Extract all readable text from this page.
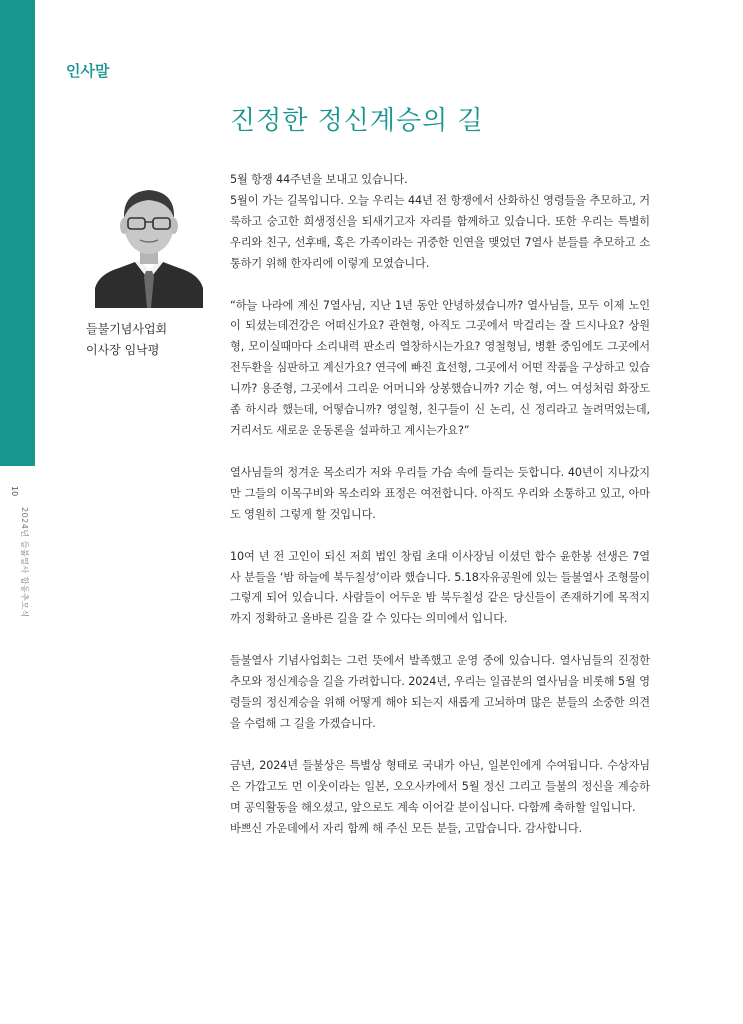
10
2024년 들불열사 합동추모식
인사말
진정한 정신계승의 길
들불기념사업회
이사장 임낙평

5월 항쟁 44주년을 보내고 있습니다.
5월이 가는 길목입니다. 오늘 우리는 44년 전 항쟁에서 산화하신 영령들을 추모하고, 거룩하고 숭고한 희생정신을 되새기고자 자리를 함께하고 있습니다. 또한 우리는 특별히 우리와 친구, 선후배, 혹은 가족이라는 귀중한 인연을 맺었던 7열사 분들를 추모하고 소통하기 위해 한자리에 이렇게 모였습니다.

“하늘 나라에 계신 7열사님, 지난 1년 동안 안녕하셨습니까? 열사님들, 모두 이제 노인이 되셨는데건강은 어떠신가요? 관현형, 아직도 그곳에서 막걸리는 잘 드시나요? 상원형, 모이실때마다 소리내력 판소리 열창하시는가요? 영철형님, 병환 중임에도 그곳에서 전두환을 심판하고 계신가요? 연극에 빠진 효선형, 그곳에서 어떤 작품을 구상하고 있습니까? 용준형, 그곳에서 그리운 어머니와 상봉했습니까? 기순 형, 여느 여성처럼 화장도 좀 하시라 했는데, 어떻습니까? 영일형, 친구들이 신 논리, 신 정리라고 놀려먹었는데, 거리서도 새로운 운동론을 설파하고 계시는가요?”

열사님들의 정겨운 목소리가 저와 우리들 가슴 속에 들리는 듯합니다. 40년이 지나갔지만 그들의 이목구비와 목소리와 표정은 여전합니다. 아직도 우리와 소통하고 있고, 아마도 영원히 그렇게 할 것입니다.

10여 년 전 고인이 되신 저희 법인 창립 초대 이사장님 이셨던 합수 윤한봉 선생은 7열사 분들을 ‘밤 하늘에 북두칠성’이라 했습니다. 5.18자유공원에 있는 들불열사 조형물이 그렇게 되어 있습니다. 사람들이 어두운 밤 북두칠성 같은 당신들이 존재하기에 목적지까지 정확하고 올바른 길을 갈 수 있다는 의미에서 입니다.

들불열사 기념사업회는 그런 뜻에서 발족했고 운영 중에 있습니다. 열사님들의 진정한 추모와 정신계승을 길을 가려합니다. 2024년, 우리는 일곱분의 열사님을 비롯해 5월 영령들의 정신계승을 위해 어떻게 해야 되는지 새롭게 고뇌하며 많은 분들의 소중한 의견을 수렴해 그 길을 가겠습니다.

금년, 2024년 들불상은 특별상 형태로 국내가 아닌, 일본인에게 수여됩니다. 수상자님은 가깝고도 먼 이웃이라는 일본, 오오사카에서 5월 정신 그리고 들불의 정신을 계승하며 공익활동을 해오셨고, 앞으로도 계속 이어갈 분이십니다. 다함께 축하할 일입니다.
바쁘신 가운데에서 자리 함께 해 주신 모든 분들, 고맙습니다. 감사합니다.
